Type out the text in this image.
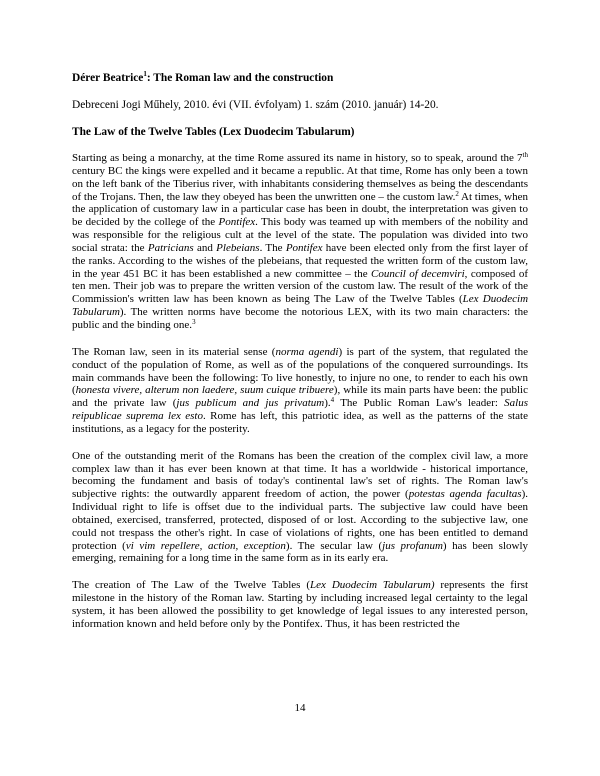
Dérer Beatrice$^1$: The Roman law and the construction
Debreceni Jogi Műhely, 2010. évi (VII. évfolyam) 1. szám (2010. január) 14-20.
The Law of the Twelve Tables (Lex Duodecim Tabularum)

Starting as being a monarchy, at the time Rome assured its name in history, so to speak, around the 7th century BC the kings were expelled and it became a republic. At that time, Rome has only been a town on the left bank of the Tiberius river, with inhabitants considering themselves as being the descendants of the Trojans. Then, the law they obeyed has been the unwritten one – the custom law.$^2$ At times, when the application of customary law in a particular case has been in doubt, the interpretation was given to be decided by the college of the Pontifex. This body was teamed up with members of the nobility and was responsible for the religious cult at the level of the state. The population was divided into two social strata: the Patricians and Plebeians. The Pontifex have been elected only from the first layer of the ranks. According to the wishes of the plebeians, that requested the written form of the custom law, in the year 451 BC it has been established a new committee – the Council of decemviri, composed of ten men. Their job was to prepare the written version of the custom law. The result of the work of the Commission's written law has been known as being The Law of the Twelve Tables (Lex Duodecim Tabularum). The written norms have become the notorious LEX, with its two main characters: the public and the binding one.$^3$

The Roman law, seen in its material sense (norma agendi) is part of the system, that regulated the conduct of the population of Rome, as well as of the populations of the conquered surroundings. Its main commands have been the following: To live honestly, to injure no one, to render to each his own (honesta vivere, alterum non laedere, suum cuique tribuere), while its main parts have been: the public and the private law (jus publicum and jus privatum).$^4$ The Public Roman Law's leader: Salus reipublicae suprema lex esto. Rome has left, this patriotic idea, as well as the patterns of the state institutions, as a legacy for the posterity.

One of the outstanding merit of the Romans has been the creation of the complex civil law, a more complex law than it has ever been known at that time. It has a worldwide - historical importance, becoming the fundament and basis of today's continental law's set of rights. The Roman law's subjective rights: the outwardly apparent freedom of action, the power (potestas agenda facultas). Individual right to life is offset due to the individual parts. The subjective law could have been obtained, exercised, transferred, protected, disposed of or lost. According to the subjective law, one could not trespass the other's right. In case of violations of rights, one has been entitled to demand protection (vi vim repellere, action, exception). The secular law (jus profanum) has been slowly emerging, remaining for a long time in the same form as in its early era.

The creation of The Law of the Twelve Tables (Lex Duodecim Tabularum) represents the first milestone in the history of the Roman law. Starting by including increased legal certainty to the legal system, it has been allowed the possibility to get knowledge of legal issues to any interested person, information known and held before only by the Pontifex. Thus, it has been restricted the

14
